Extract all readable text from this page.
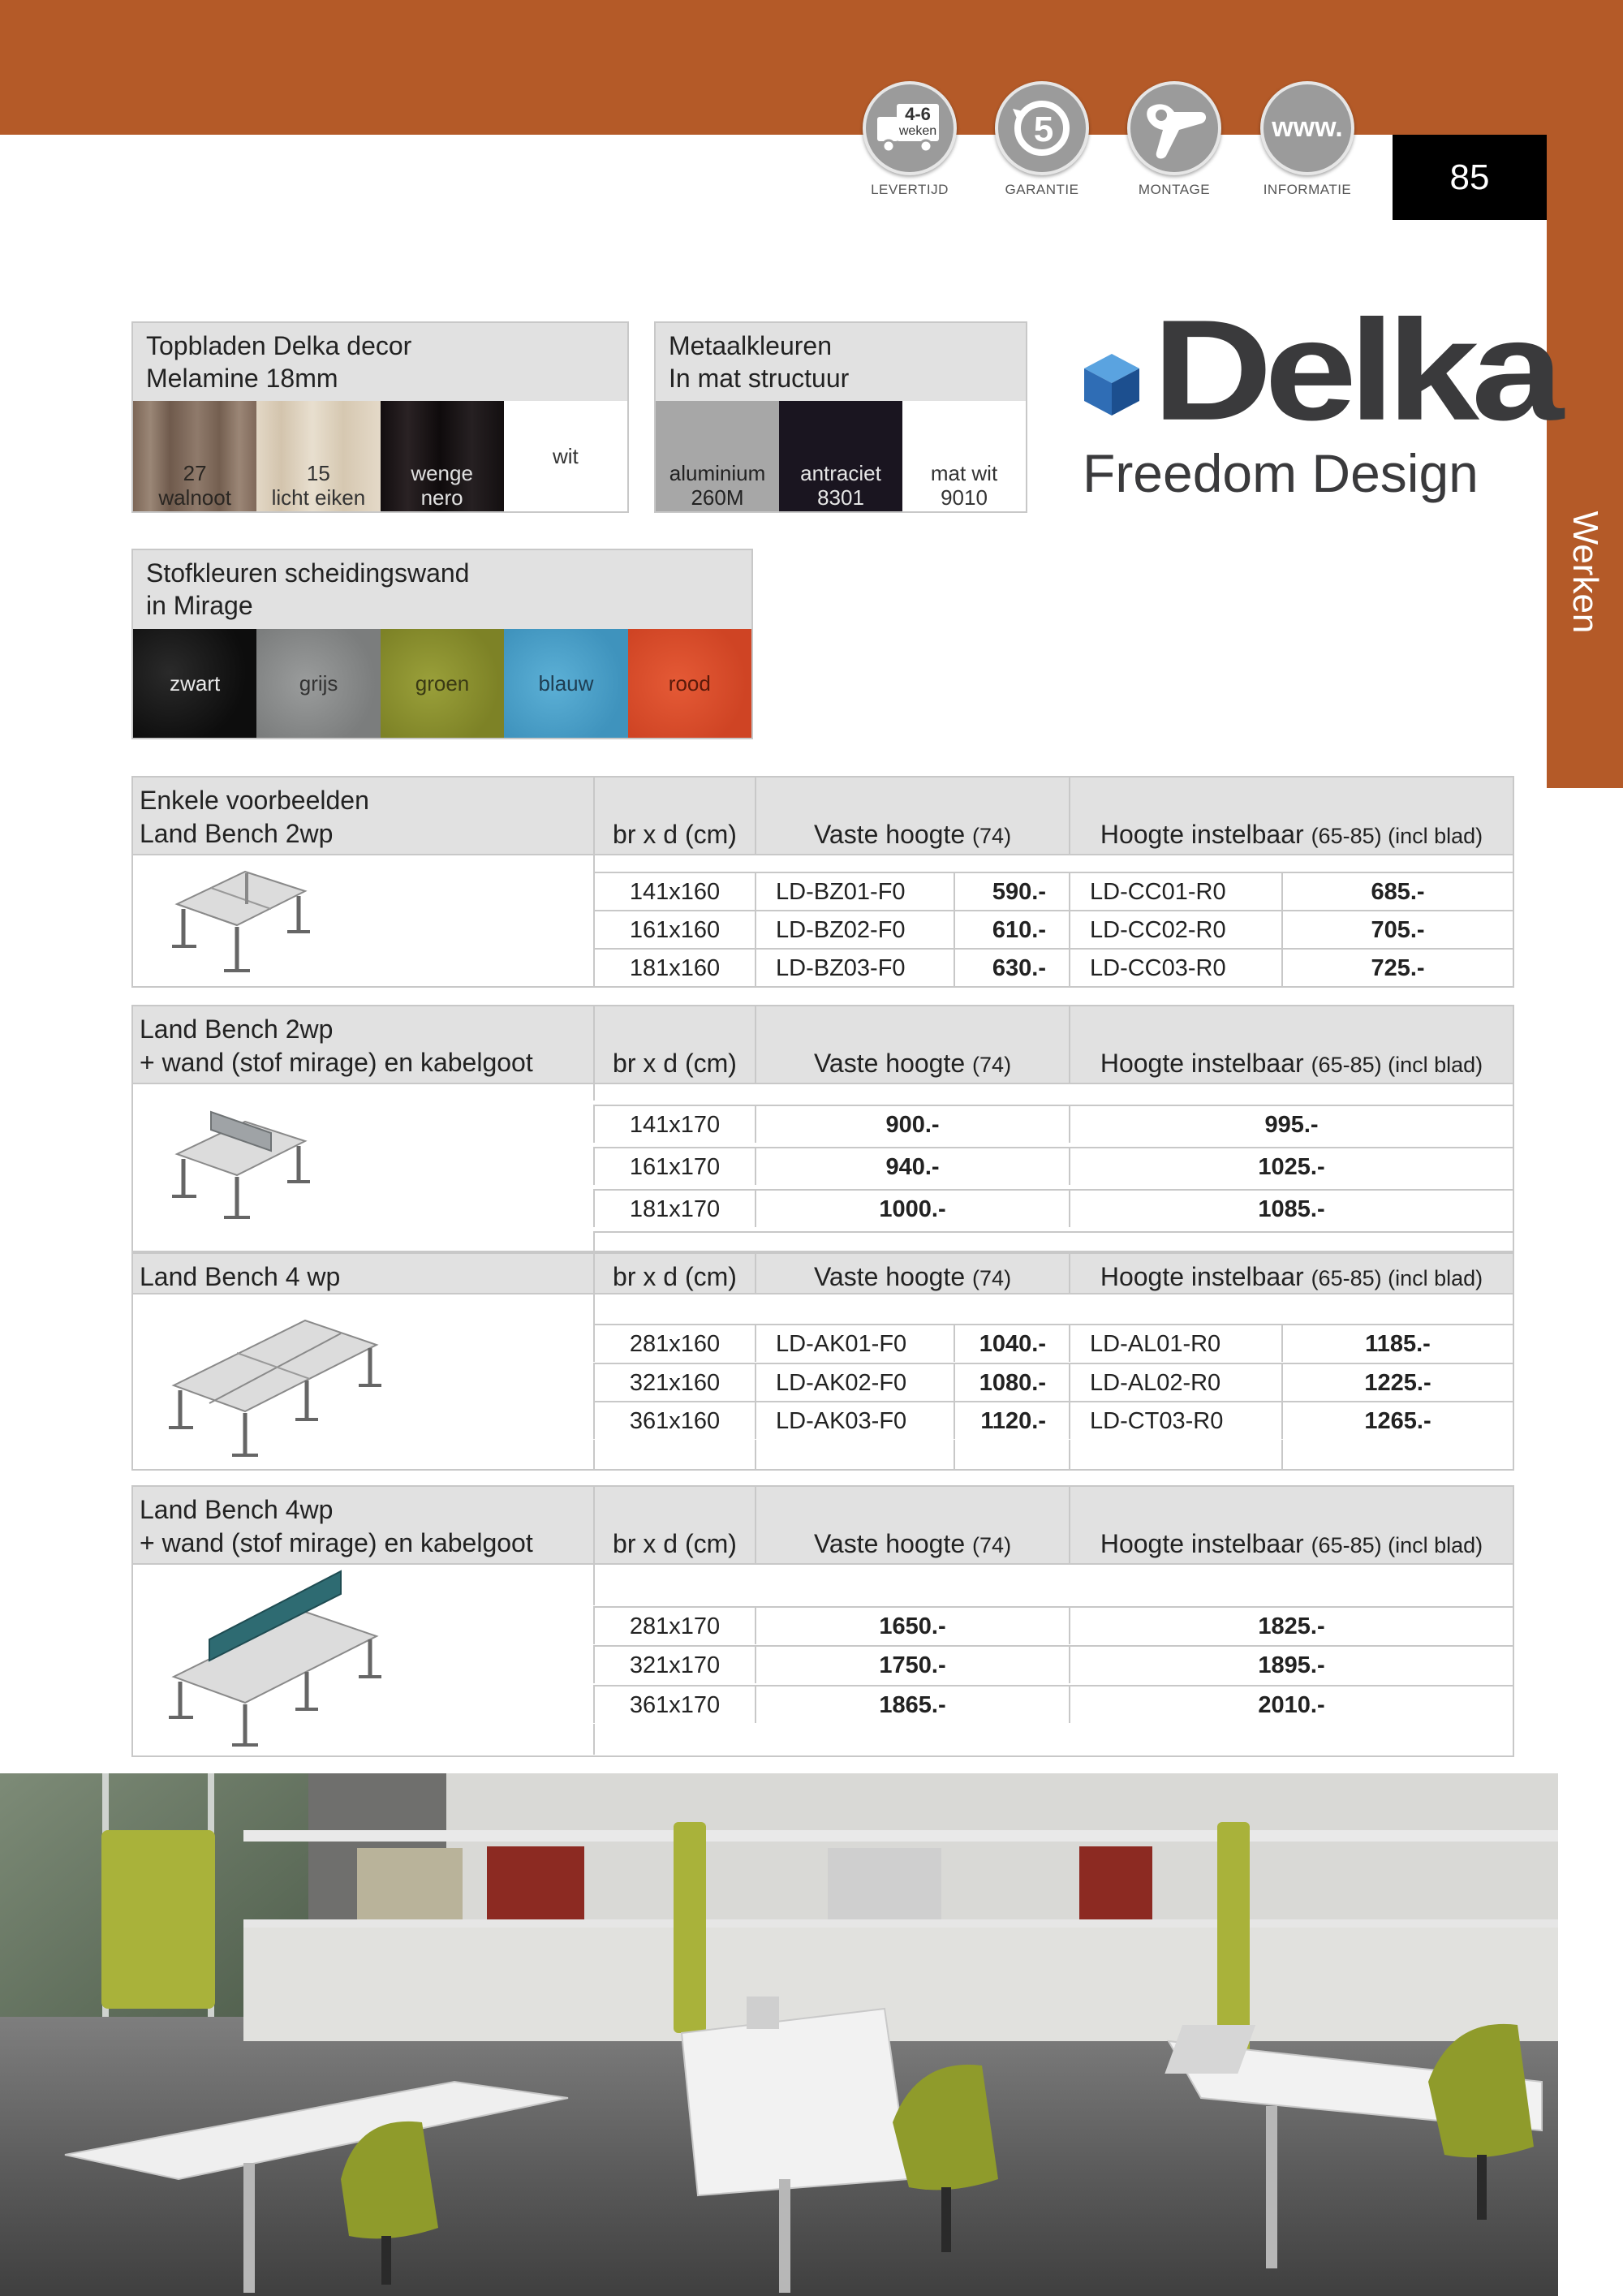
Werken
85
4-6
weken
LEVERTIJD
5
GARANTIE	MONTAGE
www.
INFORMATIE
Topbladen Delka decor
Melamine 18mm
27
walnoot
15
licht eiken
wenge
nero
wit
Metaalkleuren
In mat structuur
aluminium
260M
antraciet
8301
mat wit
9010
Delka
Freedom Design
Stofkleuren scheidingswand
in Mirage
zwart	grijs	groen	blauw	rood
Enkele voorbeelden
Land Bench 2wp	br x d (cm)	Vaste hoogte (74)	Hoogte instelbaar (65-85) (incl blad)
141x160	LD-BZ01-F0	590.-	LD-CC01-R0	685.-
161x160	LD-BZ02-F0	610.-	LD-CC02-R0	705.-
181x160	LD-BZ03-F0	630.-	LD-CC03-R0	725.-
Land Bench 2wp
+ wand (stof mirage) en kabelgoot	br x d (cm)	Vaste hoogte (74)	Hoogte instelbaar (65-85) (incl blad)
141x170	900.-	995.-
161x170	940.-	1025.-
181x170	1000.-	1085.-
Land Bench 4 wp	br x d (cm)	Vaste hoogte (74)	Hoogte instelbaar (65-85) (incl blad)
281x160	LD-AK01-F0	1040.-	LD-AL01-R0	1185.-
321x160	LD-AK02-F0	1080.-	LD-AL02-R0	1225.-
361x160	LD-AK03-F0	1120.-	LD-CT03-R0	1265.-
Land Bench 4wp
+ wand (stof mirage) en kabelgoot	br x d (cm)	Vaste hoogte (74)	Hoogte instelbaar (65-85) (incl blad)
281x170	1650.-	1825.-
321x170	1750.-	1895.-
361x170	1865.-	2010.-
